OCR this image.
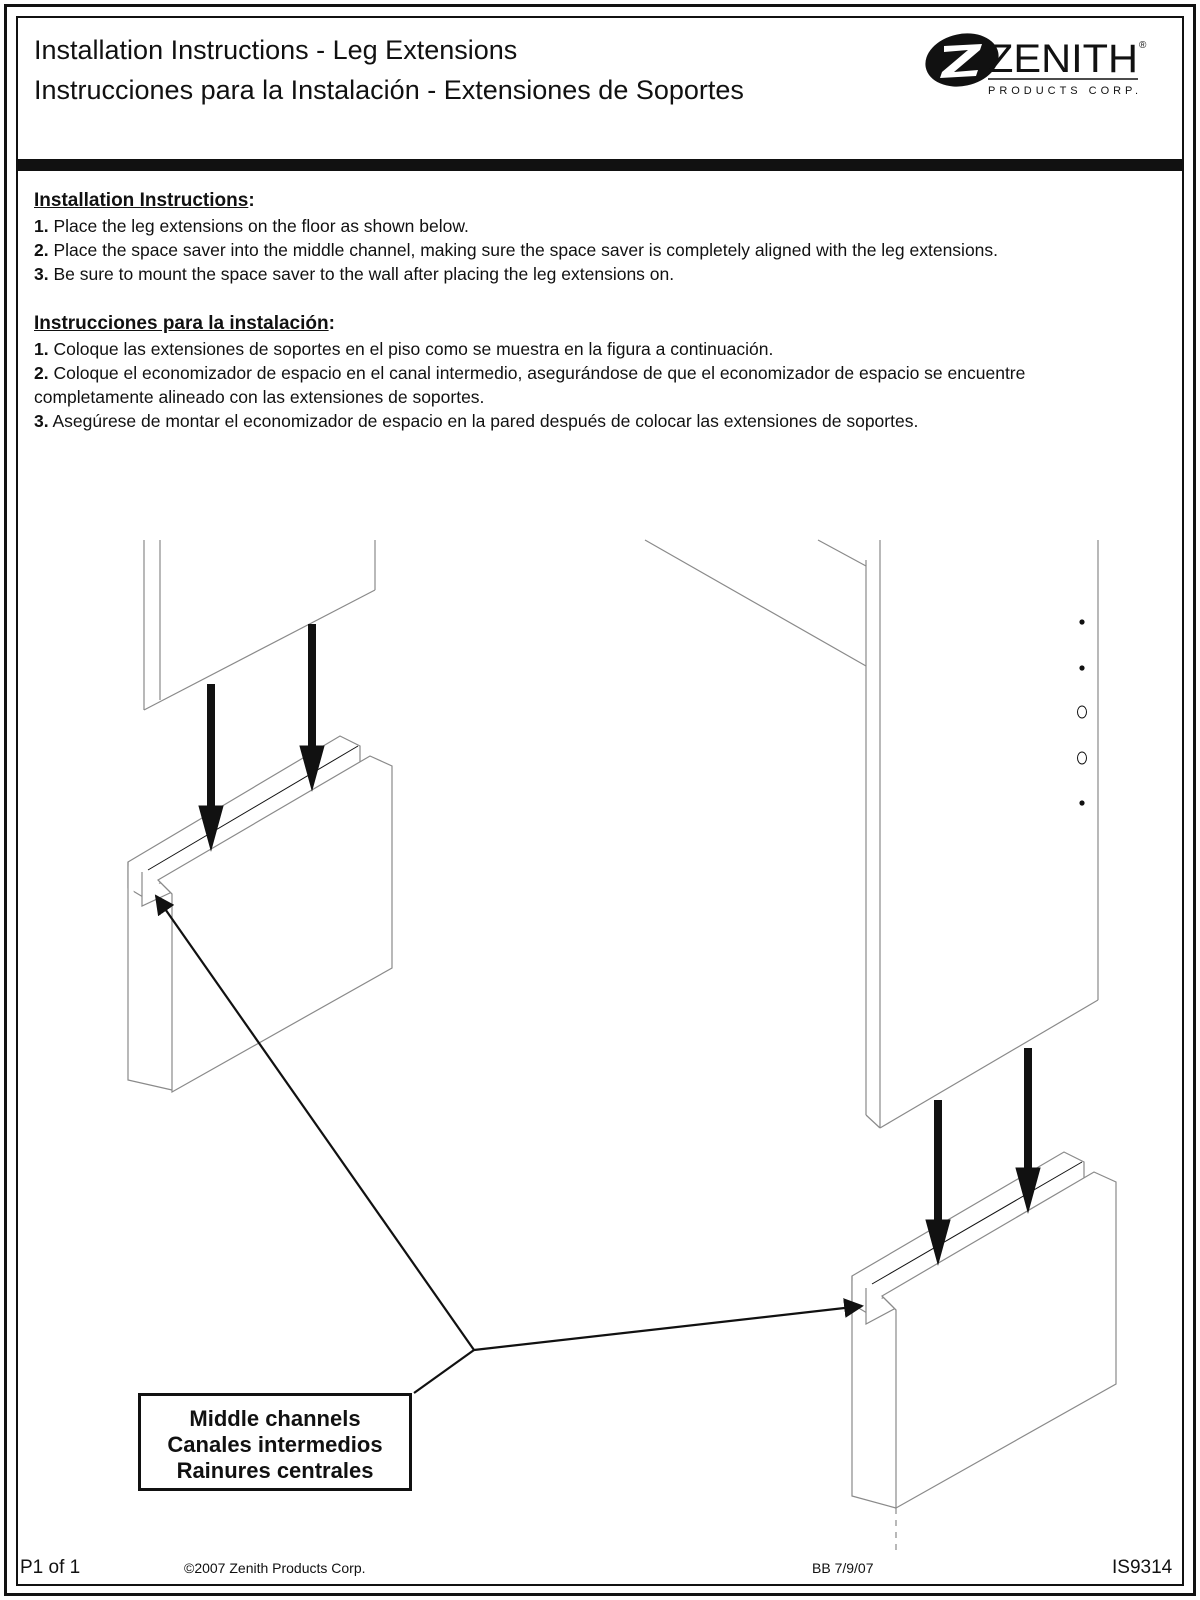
Installation Instructions - Leg Extensions
Instrucciones para la Instalación - Extensiones de Soportes
ZENITH ®
PRODUCTS CORP.
Installation Instructions:

1. Place the leg extensions on the floor as shown below.

2. Place the space saver into the middle channel, making sure the space saver is completely aligned with the leg extensions.

3. Be sure to mount the space saver to the wall after placing the leg extensions on.

Instrucciones para la instalación:

1. Coloque las extensiones de soportes en el piso como se muestra en la figura a continuación.

2. Coloque el economizador de espacio en el canal intermedio, asegurándose de que el economizador de espacio se encuentre completamente alineado con las extensiones de soportes.

3. Asegúrese de montar el economizador de espacio en la pared después de colocar las extensiones de soportes.

Middle channels
Canales intermedios
Rainures centrales
P1 of 1	©2007 Zenith Products Corp.	BB 7/9/07	IS9314
